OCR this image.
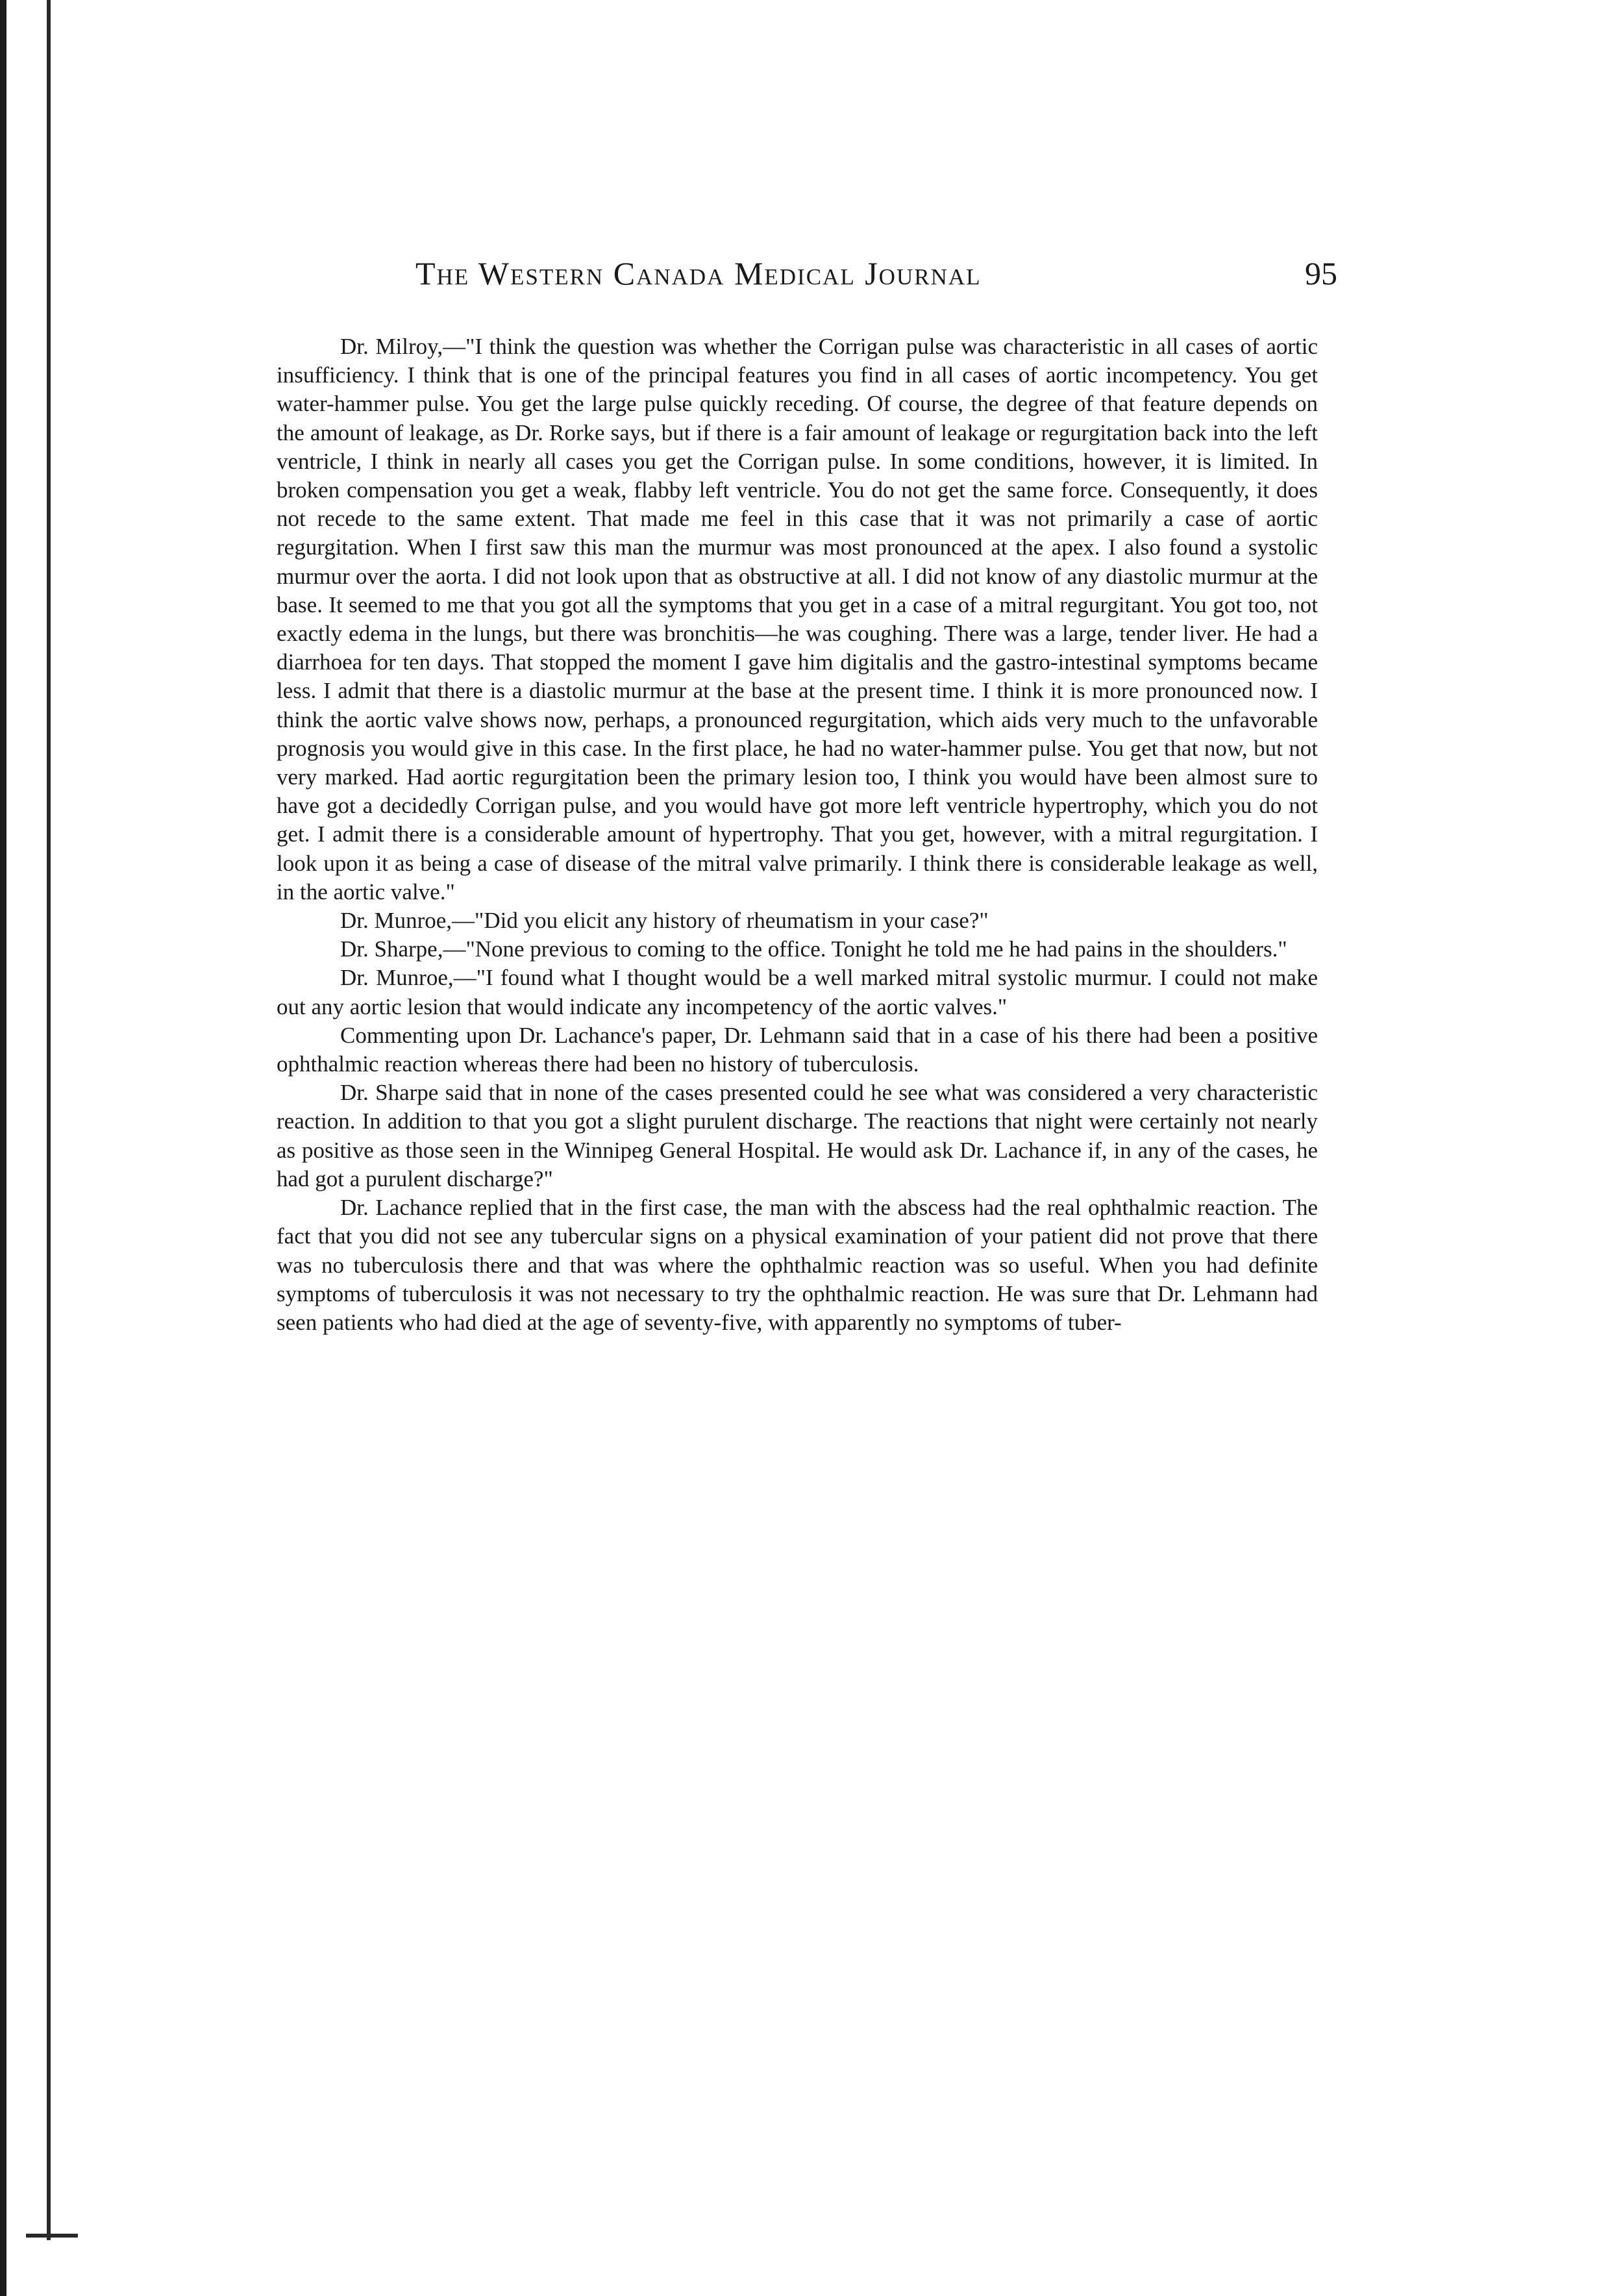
The Western Canada Medical Journal	95

Dr. Milroy,—"I think the question was whether the Corrigan pulse was characteristic in all cases of aortic insufficiency. I think that is one of the principal features you find in all cases of aortic incompetency. You get water-hammer pulse. You get the large pulse quickly receding. Of course, the degree of that feature depends on the amount of leakage, as Dr. Rorke says, but if there is a fair amount of leakage or regurgitation back into the left ventricle, I think in nearly all cases you get the Corrigan pulse. In some conditions, however, it is limited. In broken compensation you get a weak, flabby left ventricle. You do not get the same force. Consequently, it does not recede to the same extent. That made me feel in this case that it was not primarily a case of aortic regurgitation. When I first saw this man the murmur was most pronounced at the apex. I also found a systolic murmur over the aorta. I did not look upon that as obstructive at all. I did not know of any diastolic murmur at the base. It seemed to me that you got all the symptoms that you get in a case of a mitral regurgitant. You got too, not exactly edema in the lungs, but there was bronchitis—he was coughing. There was a large, tender liver. He had a diarrhoea for ten days. That stopped the moment I gave him digitalis and the gastro-intestinal symptoms became less. I admit that there is a diastolic murmur at the base at the present time. I think it is more pronounced now. I think the aortic valve shows now, perhaps, a pronounced regurgitation, which aids very much to the unfavorable prognosis you would give in this case. In the first place, he had no water-hammer pulse. You get that now, but not very marked. Had aortic regurgitation been the primary lesion too, I think you would have been almost sure to have got a decidedly Corrigan pulse, and you would have got more left ventricle hypertrophy, which you do not get. I admit there is a considerable amount of hypertrophy. That you get, however, with a mitral regurgitation. I look upon it as being a case of disease of the mitral valve primarily. I think there is considerable leakage as well, in the aortic valve."

Dr. Munroe,—"Did you elicit any history of rheumatism in your case?"

Dr. Sharpe,—"None previous to coming to the office. Tonight he told me he had pains in the shoulders."

Dr. Munroe,—"I found what I thought would be a well marked mitral systolic murmur. I could not make out any aortic lesion that would indicate any incompetency of the aortic valves."

Commenting upon Dr. Lachance's paper, Dr. Lehmann said that in a case of his there had been a positive ophthalmic reaction whereas there had been no history of tuberculosis.

Dr. Sharpe said that in none of the cases presented could he see what was considered a very characteristic reaction. In addition to that you got a slight purulent discharge. The reactions that night were certainly not nearly as positive as those seen in the Winnipeg General Hospital. He would ask Dr. Lachance if, in any of the cases, he had got a purulent discharge?"

Dr. Lachance replied that in the first case, the man with the abscess had the real ophthalmic reaction. The fact that you did not see any tubercular signs on a physical examination of your patient did not prove that there was no tuberculosis there and that was where the ophthalmic reaction was so useful. When you had definite symptoms of tuberculosis it was not necessary to try the ophthalmic reaction. He was sure that Dr. Lehmann had seen patients who had died at the age of seventy-five, with apparently no symptoms of tuber-
